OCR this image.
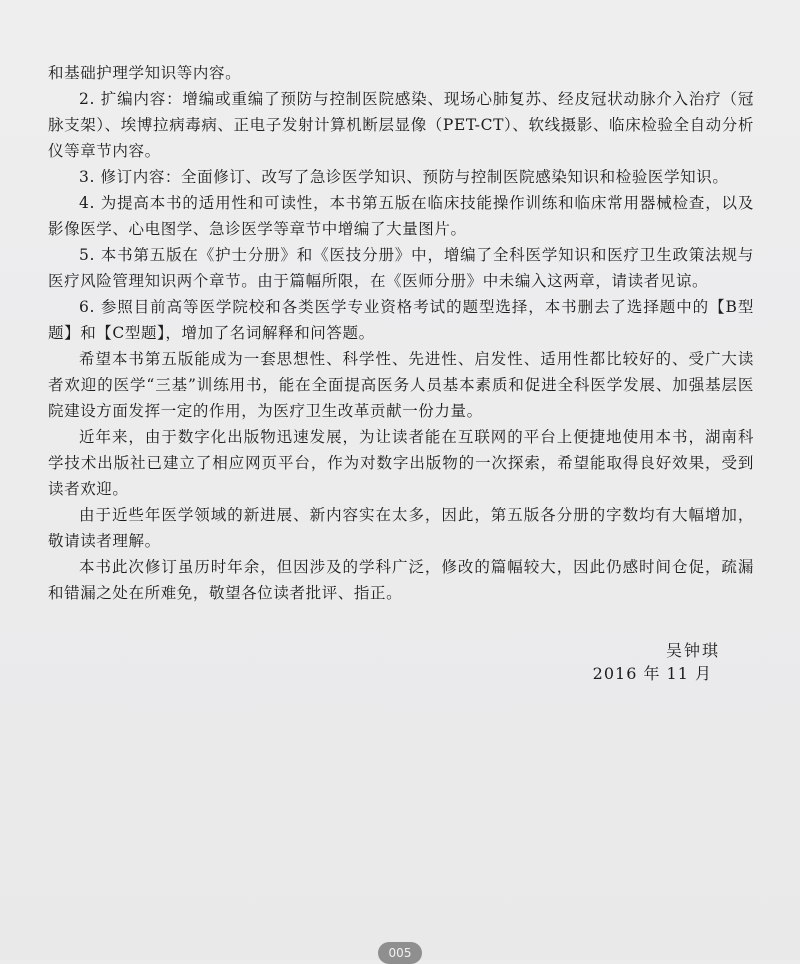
和基础护理学知识等内容。

2. 扩编内容：增编或重编了预防与控制医院感染、现场心肺复苏、经皮冠状动脉介入治疗（冠脉支架）、埃博拉病毒病、正电子发射计算机断层显像（PET-CT）、软线摄影、临床检验全自动分析仪等章节内容。

3. 修订内容：全面修订、改写了急诊医学知识、预防与控制医院感染知识和检验医学知识。

4. 为提高本书的适用性和可读性，本书第五版在临床技能操作训练和临床常用器械检查，以及影像医学、心电图学、急诊医学等章节中增编了大量图片。

5. 本书第五版在《护士分册》和《医技分册》中，增编了全科医学知识和医疗卫生政策法规与医疗风险管理知识两个章节。由于篇幅所限，在《医师分册》中未编入这两章，请读者见谅。

6. 参照目前高等医学院校和各类医学专业资格考试的题型选择，本书删去了选择题中的【B型题】和【C型题】，增加了名词解释和问答题。

希望本书第五版能成为一套思想性、科学性、先进性、启发性、适用性都比较好的、受广大读者欢迎的医学“三基”训练用书，能在全面提高医务人员基本素质和促进全科医学发展、加强基层医院建设方面发挥一定的作用，为医疗卫生改革贡献一份力量。

近年来，由于数字化出版物迅速发展，为让读者能在互联网的平台上便捷地使用本书，湖南科学技术出版社已建立了相应网页平台，作为对数字出版物的一次探索，希望能取得良好效果，受到读者欢迎。

由于近些年医学领域的新进展、新内容实在太多，因此，第五版各分册的字数均有大幅增加，敬请读者理解。

本书此次修订虽历时年余，但因涉及的学科广泛，修改的篇幅较大，因此仍感时间仓促，疏漏和错漏之处在所难免，敬望各位读者批评、指正。

吴钟琪
2016 年 11 月
005
